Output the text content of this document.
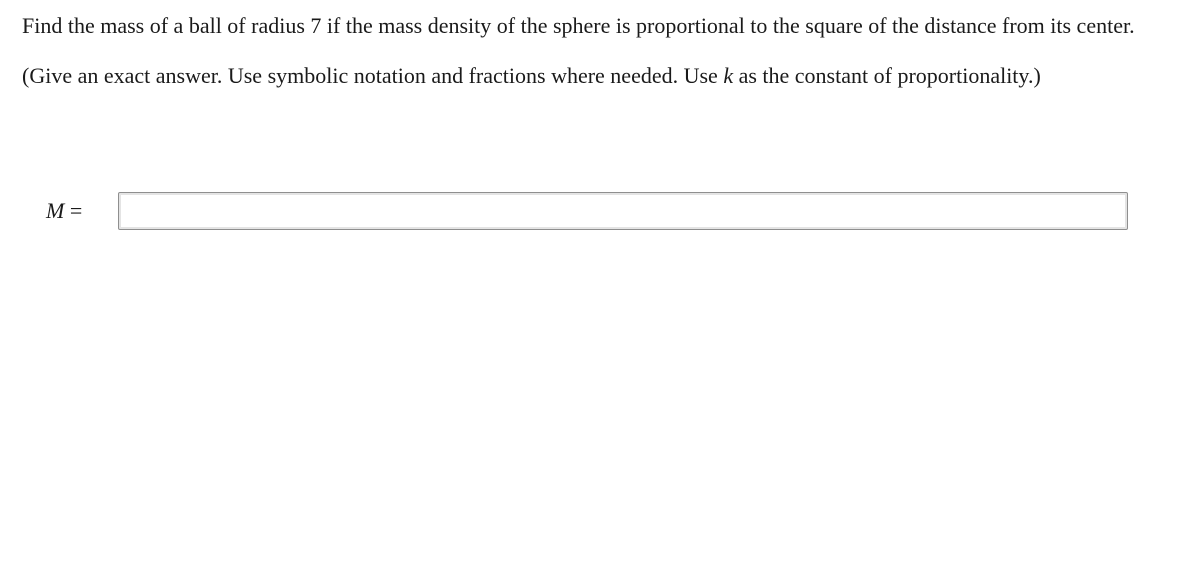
Find the mass of a ball of radius 7 if the mass density of the sphere is proportional to the square of the distance from its center.
(Give an exact answer. Use symbolic notation and fractions where needed. Use k as the constant of proportionality.)
M =
